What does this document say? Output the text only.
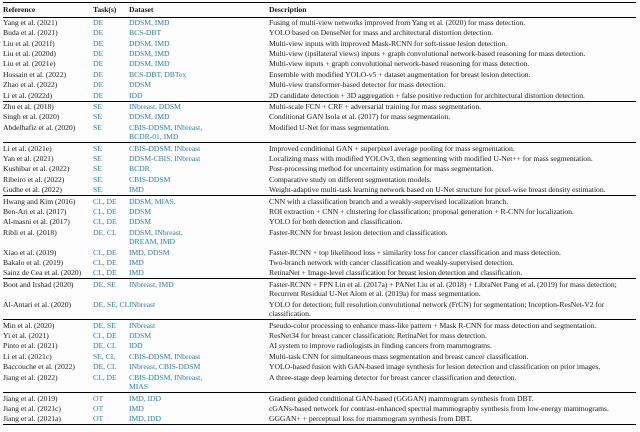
Reference	Task(s)	Dataset	Description
Yang et al. (2021)	DE	DDSM, IMD	Fusing of multi-view networks improved from Yang et al. (2020) for mass detection.
Buda et al. (2021)	DE	BCS-DBT	YOLO based on DenseNet for mass and architectural distortion detection.
Liu et al. (2021f)	DE	DDSM, IMD	Multi-view inputs with improved Mask-RCNN for soft-tissue lesion detection.
Liu et al. (2020d)	DE	DDSM, IMD	Multi-view (ipsilateral views) inputs + graph convolutional network-based reasoning for mass detection.
Liu et al. (2021e)	DE	DDSM, IMD	Multi-view inputs + graph convolutional network-based reasoning for mass detection.
Hossain et al. (2022)	DE	BCS-DBT, DBTex	Ensemble with modified YOLO-v5 + dataset augmentation for breast lesion detection.
Zhao et al. (2022)	DE	DDSM	Multi-view transformer-based detector for mass detection.
Li et al. (2022d)	DE	IDD	2D candidate detection + 3D aggregation + false positive reduction for architectural distortion detection.
Zhu et al. (2018)	SE	INbreast, DDSM	Multi-scale FCN + CRF + adversarial training for mass segmentation.
Singh et al. (2020)	SE	DDSM, IMD	Conditional GAN Isola et al. (2017) for mass segmentation.
Abdelhafiz et al. (2020)	SE	CBIS-DDSM, INbreast, BCDR-01, IMD	Modified U-Net for mass segmentation.
Li et al. (2021e)	SE	CBIS-DDSM, INbreast	Improved conditional GAN + superpixel average pooling for mass segmentation.
Yan et al. (2021)	SE	DDSM-CBIS, INbreast	Localizing mass with modified YOLOv3, then segmenting with modified U-Net++ for mass segmentation.
Kushibar et al. (2022)	SE	BCDR	Post-processing method for uncertainty estimation for mass segmentation.
Ribeiro et al. (2022)	SE	CBIS-DDSM	Comparative study on different segmentation models.
Gudhe et al. (2022)	SE	IMD	Weight-adaptive multi-task learning network based on U-Net structure for pixel-wise breast density estimation.
Hwang and Kim (2016)	CL, DE	DDSM, MIAS.	CNN with a classification branch and a weakly-supervised localization branch.
Ben-Ari et al. (2017)	CL, DE	DDSM	ROI extraction + CNN + clustering for classification; proposal generation + R-CNN for localization.
Al-masni et al. (2017)	CL, DE	DDSM	YOLO for both detection and classification.
Ribli et al. (2018)	DE, CL	DDSM, INbreast, DREAM, IMD	Faster-RCNN for breast lesion detection and classification.
Xiao et al. (2019)	CL, DE	IMD, DDSM	Faster-RCNN + top likelihood loss + similarity loss for cancer classification and mass detection.
Bakalo et al. (2019)	CL, DE	IMD	Two-branch network with cancer classification and weakly-supervised detection.
Sainz de Cea et al. (2020)	CL, DE	IMD	RetinaNet + Image-level classification for breast lesion detection and classification.
Boot and Irshad (2020)	DE, SE	INbreast, IMD	Faster-RCNN + FPN Lin et al. (2017a) + PANet Liu et al. (2018) + LibraNet Pang et al. (2019) for mass detection; Recurrent Residual U-Net Alom et al. (2019a) for mass segmentation.
Al-Antari et al. (2020)	DE, SE, CL	INbreast	YOLO for detection; full resolution convolutional network (FrCN) for segmentation; Inception-ResNet-V2 for classification.
Min et al. (2020)	DE, SE	INbreast	Pseudo-color processing to enhance mass-like pattern + Mask R-CNN for mass detection and segmentation.
Yi et al. (2021)	CL, DE	DDSM	ResNet34 for breast cancer classification; RetinaNet for mass detection.
Pinto et al. (2021)	DE, CL	IDD	AI system to improve radiologists in finding cancers from mammograms.
Li et al. (2021c)	SE, CL	CBIS-DDSM, INbreast	Multi-task CNN for simultaneous mass segmentation and breast cancer classification.
Baccouche et al. (2022)	DE, CL	INbreast, CBIS-DDSM	YOLO-based fusion with GAN-based image synthesis for lesion detection and classification on prior images.
Jiang et al. (2022)	CL, DE	CBIS-DDSM, INbreast, MIAS	A three-stage deep learning detector for breast cancer classification and detection.
Jiang et al. (2019)	OT	IMD, IDD	Gradient guided conditional GAN-based (GGGAN) mammogram synthesis from DBT.
Jiang et al. (2021c)	OT	IMD	cGANs-based network for contrast-enhanced spectral mammography synthesis from low-energy mammograms.
Jiang et al. (2021a)	OT	IMD, IDD	GGGAN+ + perceptual loss for mammogram synthesis from DBT.
